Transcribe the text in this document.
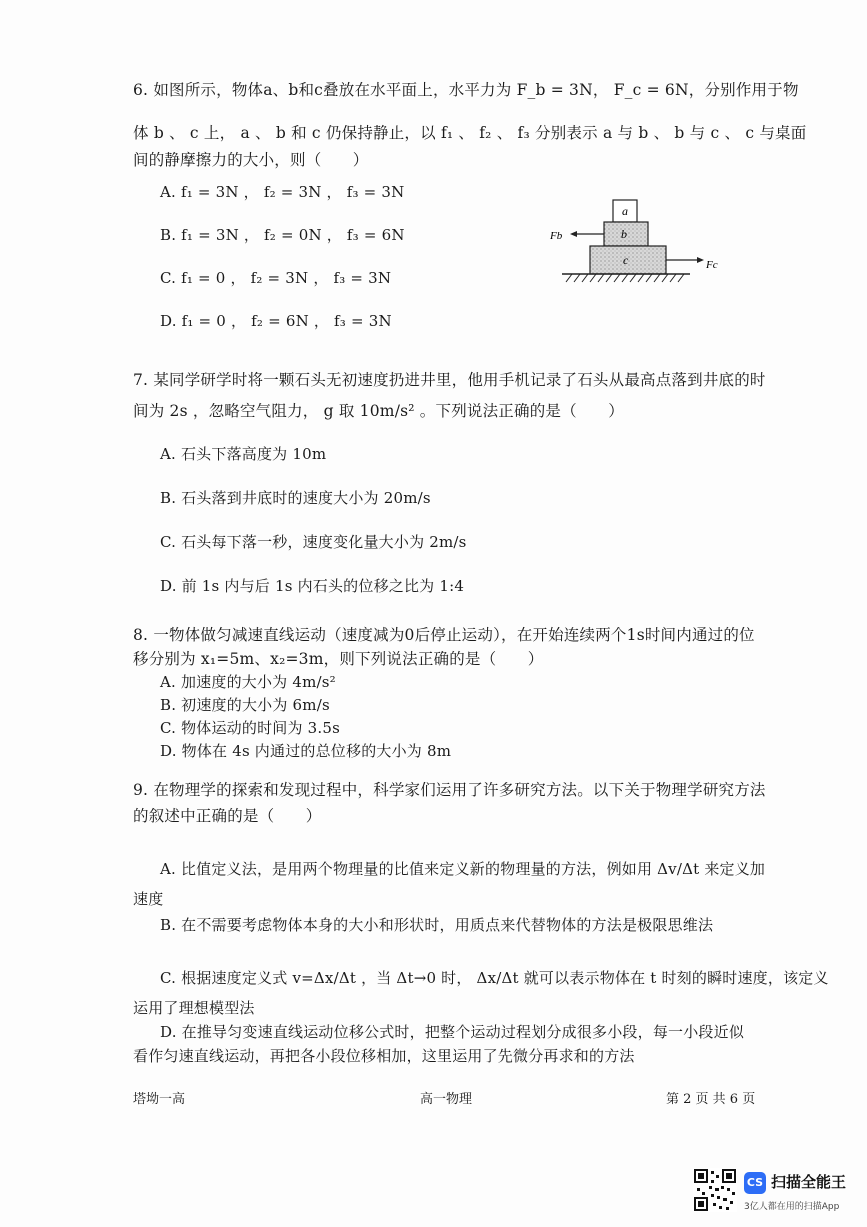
6. 如图所示，物体a、b和c叠放在水平面上，水平力为 F_b = 3N， F_c = 6N，分别作用于物
体 b 、 c 上， a 、 b 和 c 仍保持静止，以 f₁ 、 f₂ 、 f₃ 分别表示 a 与 b 、 b 与 c 、 c 与桌面
间的静摩擦力的大小，则（　　）
A. f₁ = 3N ， f₂ = 3N ， f₃ = 3N
B. f₁ = 3N ， f₂ = 0N ， f₃ = 6N
C. f₁ = 0 ， f₂ = 3N ， f₃ = 3N
D. f₁ = 0 ， f₂ = 6N ， f₃ = 3N
a
b
c
Fb
Fc
7. 某同学研学时将一颗石头无初速度扔进井里，他用手机记录了石头从最高点落到井底的时
间为 2s ，忽略空气阻力， g 取 10m/s² 。下列说法正确的是（　　）
A. 石头下落高度为 10m
B. 石头落到井底时的速度大小为 20m/s
C. 石头每下落一秒，速度变化量大小为 2m/s
D. 前 1s 内与后 1s 内石头的位移之比为 1:4
8. 一物体做匀减速直线运动（速度减为0后停止运动），在开始连续两个1s时间内通过的位
移分别为 x₁=5m、x₂=3m，则下列说法正确的是（　　）
A. 加速度的大小为 4m/s²
B. 初速度的大小为 6m/s
C. 物体运动的时间为 3.5s
D. 物体在 4s 内通过的总位移的大小为 8m
9. 在物理学的探索和发现过程中，科学家们运用了许多研究方法。以下关于物理学研究方法
的叙述中正确的是（　　）
A. 比值定义法，是用两个物理量的比值来定义新的物理量的方法，例如用 Δv/Δt 来定义加
速度
B. 在不需要考虑物体本身的大小和形状时，用质点来代替物体的方法是极限思维法
C. 根据速度定义式 v=Δx/Δt ，当 Δt→0 时， Δx/Δt 就可以表示物体在 t 时刻的瞬时速度，该定义
运用了理想模型法
D. 在推导匀变速直线运动位移公式时，把整个运动过程划分成很多小段，每一小段近似
看作匀速直线运动，再把各小段位移相加，这里运用了先微分再求和的方法
塔坳一高	高一物理	第 2 页 共 6 页
CS 扫描全能王
3亿人都在用的扫描App
